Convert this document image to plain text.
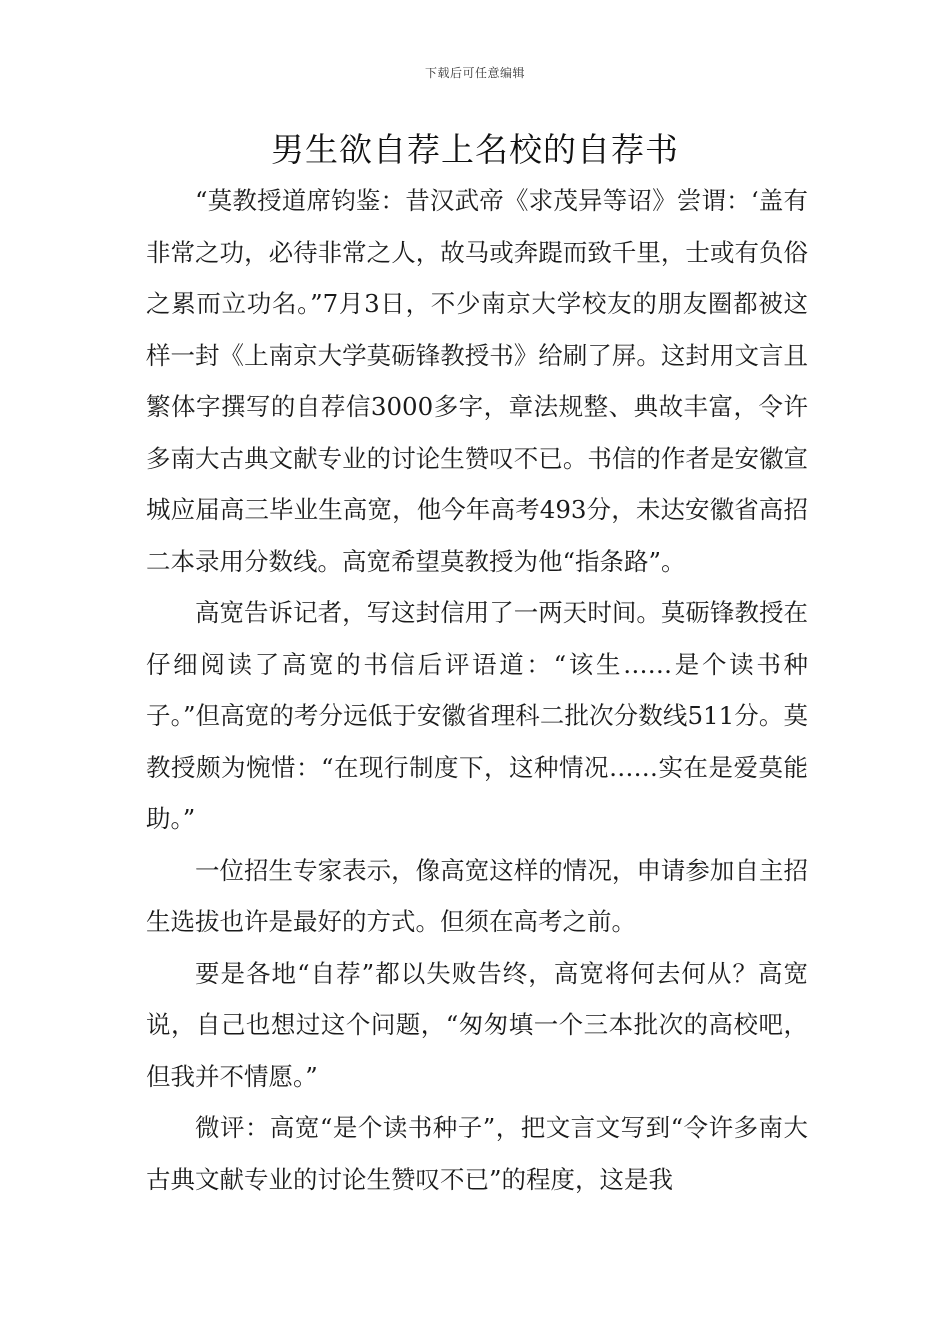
下载后可任意编辑
男生欲自荐上名校的自荐书

“莫教授道席钧鉴：昔汉武帝《求茂异等诏》尝谓：‘盖有非常之功，必待非常之人，故马或奔踶而致千里，士或有负俗之累而立功名。”7月3日，不少南京大学校友的朋友圈都被这样一封《上南京大学莫砺锋教授书》给刷了屏。这封用文言且繁体字撰写的自荐信3000多字，章法规整、典故丰富，令许多南大古典文献专业的讨论生赞叹不已。书信的作者是安徽宣城应届高三毕业生高宽，他今年高考493分，未达安徽省高招二本录用分数线。高宽希望莫教授为他“指条路”。

高宽告诉记者，写这封信用了一两天时间。莫砺锋教授在仔细阅读了高宽的书信后评语道：“该生……是个读书种子。”但高宽的考分远低于安徽省理科二批次分数线511分。莫教授颇为惋惜：“在现行制度下，这种情况……实在是爱莫能助。”

一位招生专家表示，像高宽这样的情况，申请参加自主招生选拔也许是最好的方式。但须在高考之前。

要是各地“自荐”都以失败告终，高宽将何去何从？高宽说，自己也想过这个问题，“匆匆填一个三本批次的高校吧，但我并不情愿。”

微评：高宽“是个读书种子”，把文言文写到“令许多南大古典文献专业的讨论生赞叹不已”的程度，这是我
